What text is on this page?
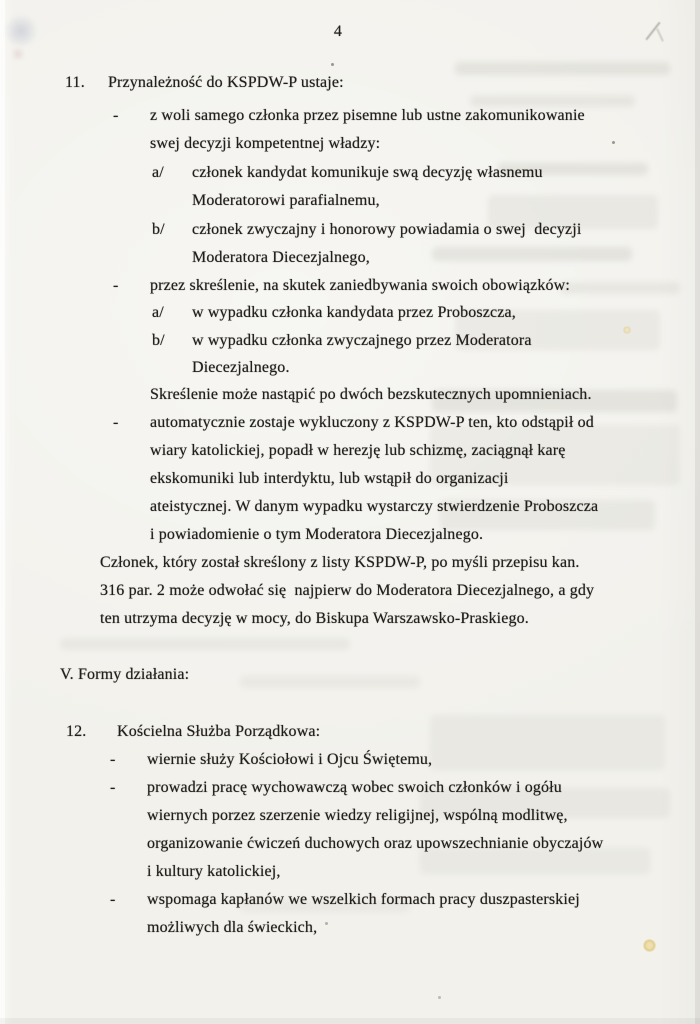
4
11. Przynależność do KSPDW-P ustaje:
- z woli samego członka przez pisemne lub ustne zakomunikowanie
swej decyzji kompetentnej władzy:
a/ członek kandydat komunikuje swą decyzję własnemu
Moderatorowi parafialnemu,
b/ członek zwyczajny i honorowy powiadamia o swej  decyzji
Moderatora Diecezjalnego,
- przez skreślenie, na skutek zaniedbywania swoich obowiązków:
a/ w wypadku członka kandydata przez Proboszcza,
b/ w wypadku członka zwyczajnego przez Moderatora
Diecezjalnego.
Skreślenie może nastąpić po dwóch bezskutecznych upomnieniach.
- automatycznie zostaje wykluczony z KSPDW-P ten, kto odstąpił od
wiary katolickiej, popadł w herezję lub schizmę, zaciągnął karę
ekskomuniki lub interdyktu, lub wstąpił do organizacji
ateistycznej. W danym wypadku wystarczy stwierdzenie Proboszcza
i powiadomienie o tym Moderatora Diecezjalnego.
Członek, który został skreślony z listy KSPDW-P, po myśli przepisu kan.
316 par. 2 może odwołać się  najpierw do Moderatora Diecezjalnego, a gdy
ten utrzyma decyzję w mocy, do Biskupa Warszawsko-Praskiego.
V. Formy działania:
12. Kościelna Służba Porządkowa:
- wiernie służy Kościołowi i Ojcu Świętemu,
- prowadzi pracę wychowawczą wobec swoich członków i ogółu
wiernych porzez szerzenie wiedzy religijnej, wspólną modlitwę,
organizowanie ćwiczeń duchowych oraz upowszechnianie obyczajów
i kultury katolickiej,
- wspomaga kapłanów we wszelkich formach pracy duszpasterskiej
możliwych dla świeckich,
